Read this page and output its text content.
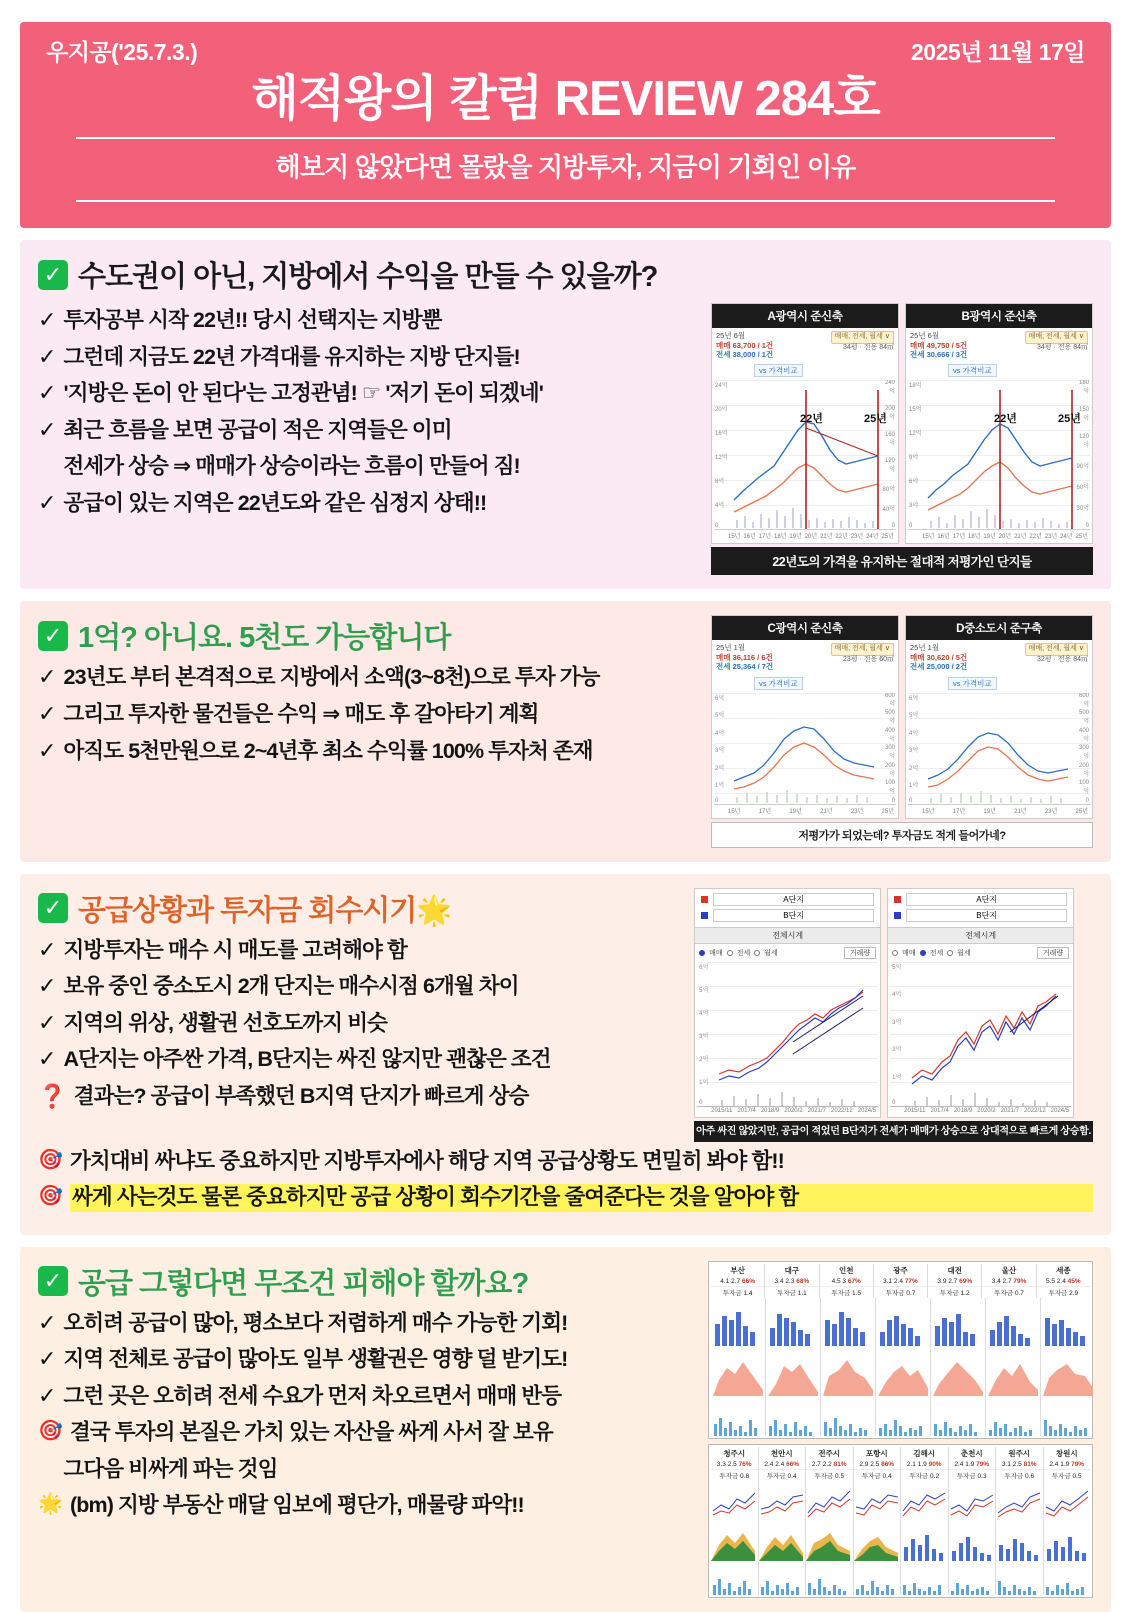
우지공('25.7.3.)	2025년 11월 17일
해적왕의 칼럼 REVIEW 284호
해보지 않았다면 몰랐을 지방투자, 지금이 기회인 이유
✓ 수도권이 아닌, 지방에서 수익을 만들 수 있을까?
✓ 투자공부 시작 22년!! 당시 선택지는 지방뿐
✓ 그런데 지금도 22년 가격대를 유지하는 지방 단지들!
✓ '지방은 돈이 안 된다'는 고정관념! ☞ '저기 돈이 되겠네'
✓ 최근 흐름을 보면 공급이 적은 지역들은 이미
전세가 상승 ⇒ 매매가 상승이라는 흐름이 만들어 짐!
✓ 공급이 있는 지역은 22년도와 같은 심정지 상태!!
A광역시 준신축
25년 6월
매매 63,700 / 1건
전세 38,000 / 1건
매매, 전세, 월세 ∨
34평 · 전용 84㎡
vs 가격비교
24억
20억
16억
12억
8억
4억
0
240억
200억
160억
120억
80억
40억
0
22년	25년
15년 16년 17년 18년 19년 20년 21년 22년 23년 24년 25년
B광역시 준신축
25년 6월
매매 49,750 / 5건
전세 30,666 / 3건
매매, 전세, 월세 ∨
34평 · 전용 84㎡
vs 가격비교
18억
15억
12억
9억
6억
3억
0
180억
150억
120억
90억
60억
30억
0
22년	25년
15년 16년 17년 18년 19년 20년 21년 22년 23년 24년 25년
22년도의 가격을 유지하는 절대적 저평가인 단지들
✓ 1억? 아니요. 5천도 가능합니다
✓ 23년도 부터 본격적으로 지방에서 소액(3~8천)으로 투자 가능
✓ 그리고 투자한 물건들은 수익 ⇒ 매도 후 갈아타기 계획
✓ 아직도 5천만원으로 2~4년후 최소 수익률 100% 투자처 존재
C광역시 준신축
25년 1월
매매 36,116 / 6건
전세 25,364 / 7건
매매, 전세, 월세 ∨
23평 · 전용 60㎡
vs 가격비교
6억
5억
4억
3억
2억
1억
0
600억
500억
400억
300억
200억
100억
0
15년	17년	19년	21년	23년	25년
D중소도시 준구축
25년 1월
매매 30,620 / 5건
전세 25,000 / 2건
매매, 전세, 월세 ∨
32평 · 전용 84㎡
vs 가격비교
6억
5억
4억
3억
2억
1억
0
600억
500억
400억
300억
200억
100억
0
15년	17년	19년	21년	23년	25년
저평가가 되었는데? 투자금도 적게 들어가네?
✓ 공급상황과 투자금 회수시기🌟
✓ 지방투자는 매수 시 매도를 고려해야 함
✓ 보유 중인 중소도시 2개 단지는 매수시점 6개월 차이
✓ 지역의 위상, 생활권 선호도까지 비슷
✓ A단지는 아주싼 가격, B단지는 싸진 않지만 괜찮은 조건
❓ 결과는? 공급이 부족했던 B지역 단지가 빠르게 상승
A단지
B단지
전체시계
매매 전세 월세	거래량
6억
5억
4억
3억
2억
1억
0
2015/11 2017/4 2018/9 2020/2 2021/7 2022/12 2024/5
A단지
B단지
전체시계
매매 전세 월세	거래량
5억
4억
3억
2억
1억
0
2015/11 2017/4 2018/9 2020/2 2021/7 2022/12 2024/5
아주 싸진 않았지만, 공급이 적었던 B단지가 전세가 매매가 상승으로 상대적으로 빠르게 상승함.
🎯 가치대비 싸냐도 중요하지만 지방투자에사 해당 지역 공급상황도 면밀히 봐야 함!!
🎯 싸게 사는것도 물론 중요하지만 공급 상황이 회수기간을 줄여준다는 것을 알아야 함
✓ 공급 그렇다면 무조건 피해야 할까요?
✓ 오히려 공급이 많아, 평소보다 저렴하게 매수 가능한 기회!
✓ 지역 전체로 공급이 많아도 일부 생활권은 영향 덜 받기도!
✓ 그런 곳은 오히려 전세 수요가 먼저 차오르면서 매매 반등
🎯 결국 투자의 본질은 가치 있는 자산을 싸게 사서 잘 보유
그다음 비싸게 파는 것임
🌟 (bm) 지방 부동산 매달 임보에 평단가, 매물량 파악!!
부산	대구	인천	광주	대전	울산	세종
4.1 2.7 66%	3.4 2.3 68%	4.5 3 67%	3.1 2.4 77%	3.9 2.7 69%	3.4 2.7 79%	5.5 2.4 45%
투자금 1.4	투자금 1.1	투자금 1.5	투자금 0.7	투자금 1.2	투자금 0.7	투자금 2.9
청주시	천안시	전주시	포항시	김해시	춘천시	원주시	창원시
3.3 2.5 76%	2.4 2.4 66%	2.7 2.2 81%	2.9 2.5 86%	2.1 1.9 90%	2.4 1.9 79%	3.1 2.5 81%	2.4 1.9 79%
투자금 0.8	투자금 0.4	투자금 0.5	투자금 0.4	투자금 0.2	투자금 0.3	투자금 0.6	투자금 0.5
